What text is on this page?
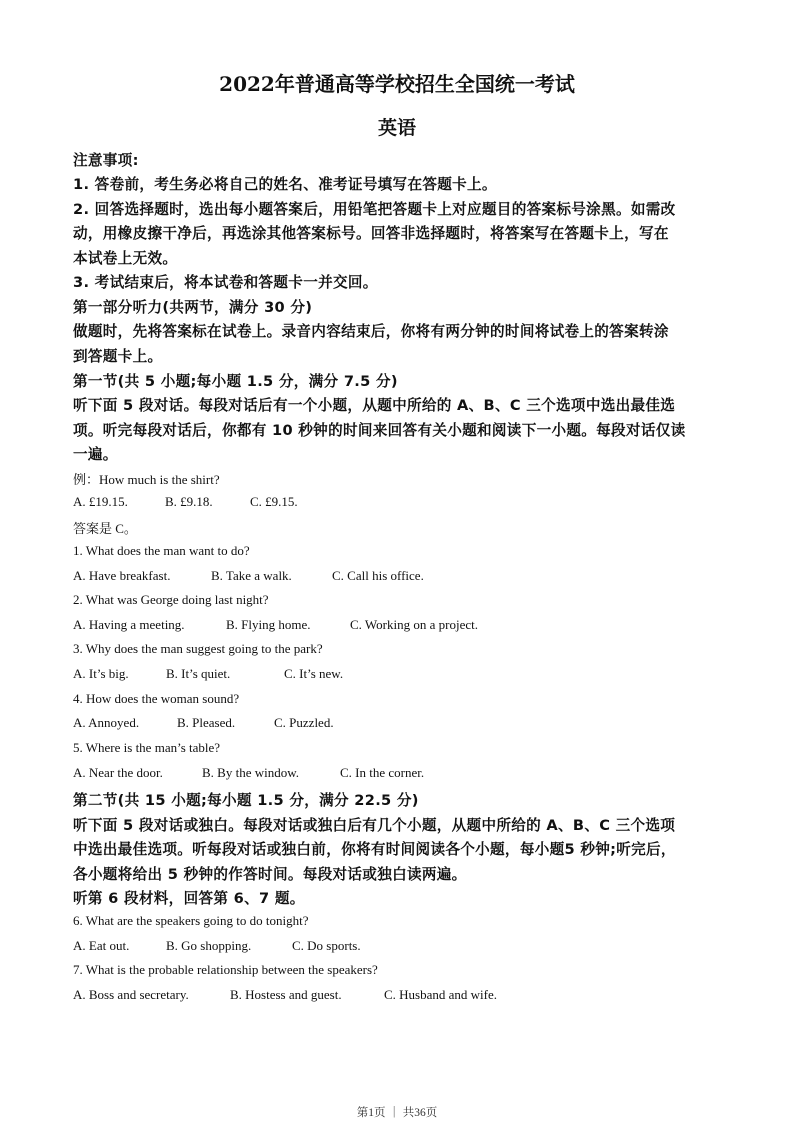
2022年普通高等学校招生全国统一考试
英语
注意事项:
1. 答卷前，考生务必将自己的姓名、准考证号填写在答题卡上。
2. 回答选择题时，选出每小题答案后，用铅笔把答题卡上对应题目的答案标号涂黑。如需改
动，用橡皮擦干净后，再选涂其他答案标号。回答非选择题时，将答案写在答题卡上，写在
本试卷上无效。
3. 考试结束后，将本试卷和答题卡一并交回。
第一部分听力(共两节，满分 30 分)
做题时，先将答案标在试卷上。录音内容结束后，你将有两分钟的时间将试卷上的答案转涂
到答题卡上。
第一节(共 5 小题;每小题 1.5 分，满分 7.5 分)
听下面 5 段对话。每段对话后有一个小题，从题中所给的 A、B、C 三个选项中选出最佳选
项。听完每段对话后，你都有 10 秒钟的时间来回答有关小题和阅读下一小题。每段对话仅读
一遍。
例：How much is the shirt?
A. £19.15.	B. £9.18.	C. £9.15.
答案是 C。
1. What does the man want to do?
A. Have breakfast.	B. Take a walk.	C. Call his office.
2. What was George doing last night?
A. Having a meeting.	B. Flying home.	C. Working on a project.
3. Why does the man suggest going to the park?
A. It’s big.	B. It’s quiet.	C. It’s new.
4. How does the woman sound?
A. Annoyed.	B. Pleased.	C. Puzzled.
5. Where is the man’s table?
A. Near the door.	B. By the window.	C. In the corner.
第二节(共 15 小题;每小题 1.5 分，满分 22.5 分)
听下面 5 段对话或独白。每段对话或独白后有几个小题，从题中所给的 A、B、C 三个选项
中选出最佳选项。听每段对话或独白前，你将有时间阅读各个小题，每小题5 秒钟;听完后，
各小题将给出 5 秒钟的作答时间。每段对话或独白读两遍。
听第 6 段材料，回答第 6、7 题。
6. What are the speakers going to do tonight?
A. Eat out.	B. Go shopping.	C. Do sports.
7. What is the probable relationship between the speakers?
A. Boss and secretary.	B. Hostess and guest.	C. Husband and wife.
第1页 ｜ 共36页
